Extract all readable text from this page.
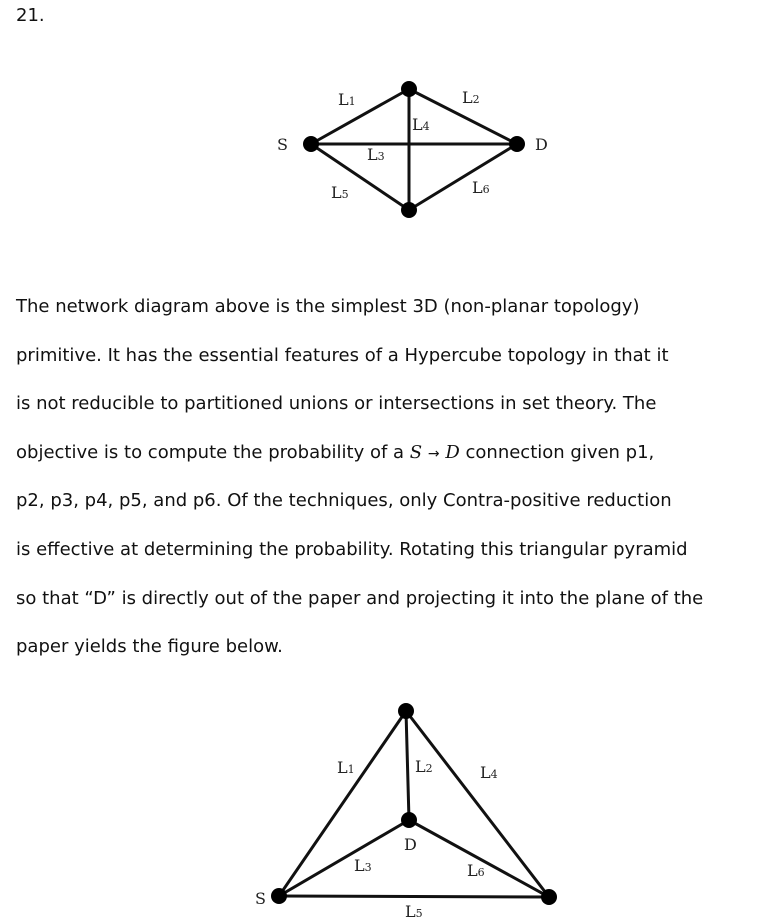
21.
S	D
L1	L2
L3
L4
L5	L6
S
D
L1	L2	L4
L3	L6
L5
The network diagram above is the simplest 3D (non-planar topology)
primitive. It has the essential features of a Hypercube topology in that it
is not reducible to partitioned unions or intersections in set theory. The
objective is to compute the probability of a S → D connection given p1,
p2, p3, p4, p5, and p6. Of the techniques, only Contra-positive reduction
is effective at determining the probability. Rotating this triangular pyramid
so that “D” is directly out of the paper and projecting it into the plane of the
paper yields the figure below.
